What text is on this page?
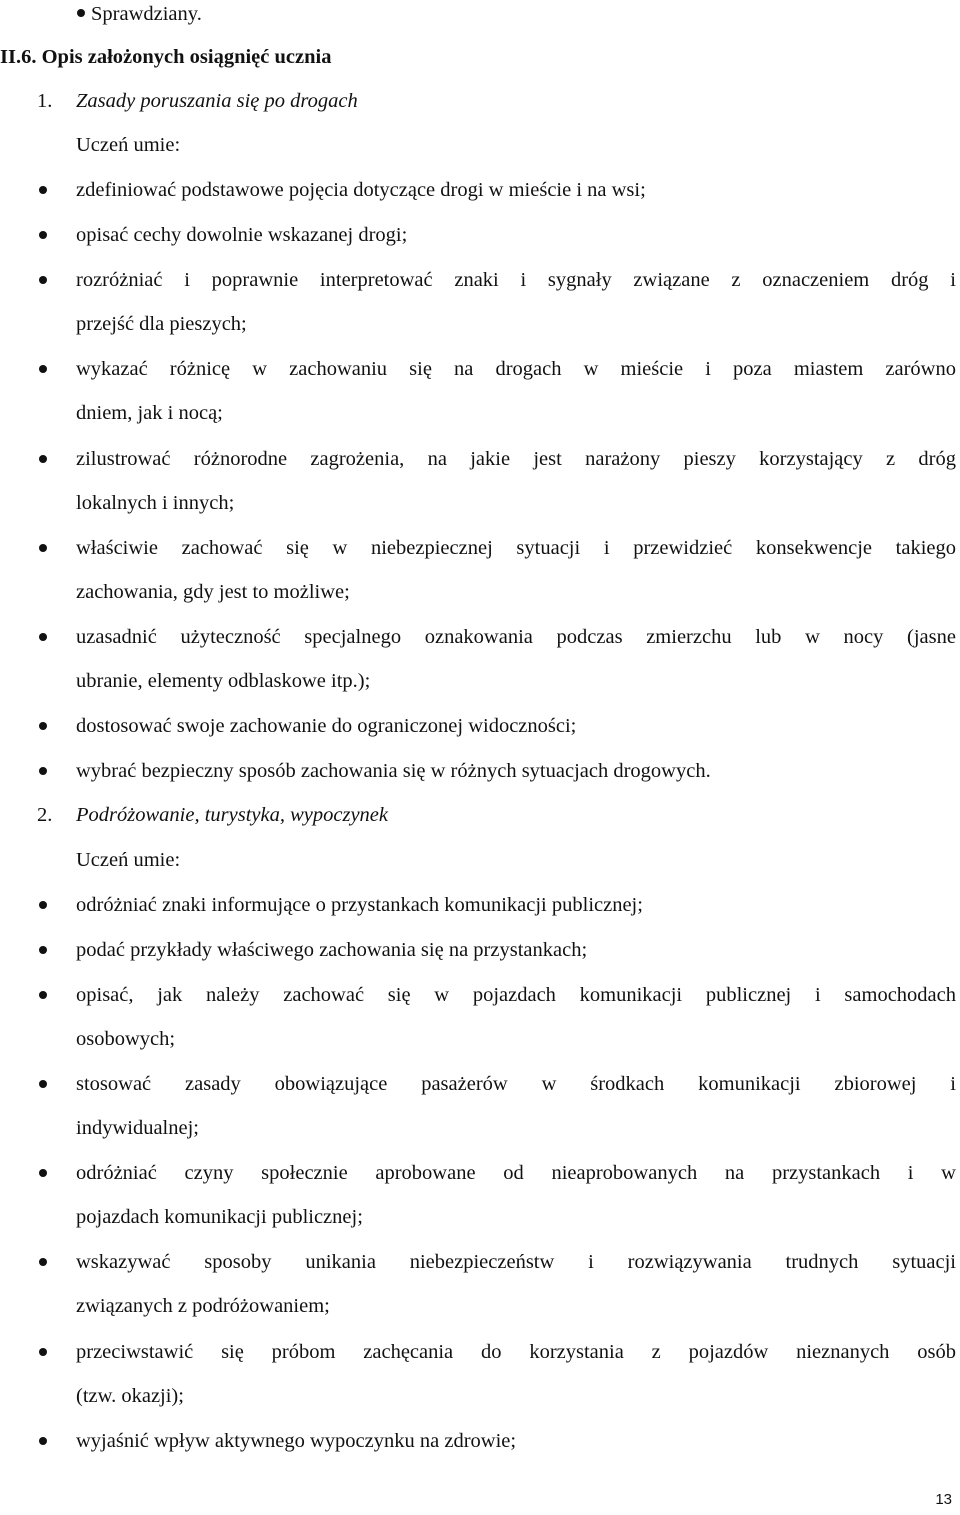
Sprawdziany.
II.6. Opis założonych osiągnięć ucznia
1. Zasady poruszania się po drogach
Uczeń umie:
zdefiniować podstawowe pojęcia dotyczące drogi w mieście i na wsi;
opisać cechy dowolnie wskazanej drogi;
rozróżniać i poprawnie interpretować znaki i sygnały związane z oznaczeniem dróg i
przejść dla pieszych;
wykazać różnicę w zachowaniu się na drogach w mieście i poza miastem zarówno
dniem, jak i nocą;
zilustrować różnorodne zagrożenia, na jakie jest narażony pieszy korzystający z dróg
lokalnych i innych;
właściwie zachować się w niebezpiecznej sytuacji i przewidzieć konsekwencje takiego
zachowania, gdy jest to możliwe;
uzasadnić użyteczność specjalnego oznakowania podczas zmierzchu lub w nocy (jasne
ubranie, elementy odblaskowe itp.);
dostosować swoje zachowanie do ograniczonej widoczności;
wybrać bezpieczny sposób zachowania się w różnych sytuacjach drogowych.
2. Podróżowanie, turystyka, wypoczynek
Uczeń umie:
odróżniać znaki informujące o przystankach komunikacji publicznej;
podać przykłady właściwego zachowania się na przystankach;
opisać, jak należy zachować się w pojazdach komunikacji publicznej i samochodach
osobowych;
stosować zasady obowiązujące pasażerów w środkach komunikacji zbiorowej i
indywidualnej;
odróżniać czyny społecznie aprobowane od nieaprobowanych na przystankach i w
pojazdach komunikacji publicznej;
wskazywać sposoby unikania niebezpieczeństw i rozwiązywania trudnych sytuacji
związanych z podróżowaniem;
przeciwstawić się próbom zachęcania do korzystania z pojazdów nieznanych osób
(tzw. okazji);
wyjaśnić wpływ aktywnego wypoczynku na zdrowie;
13
